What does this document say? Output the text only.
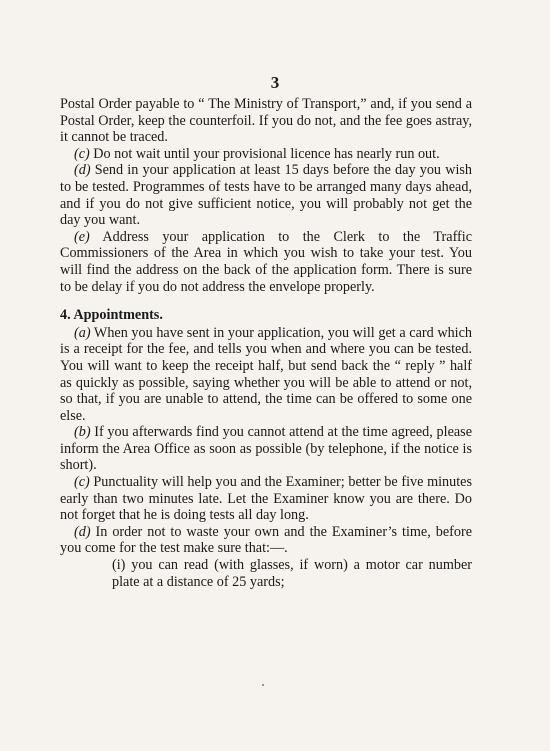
3

Postal Order payable to “ The Ministry of Transport,” and, if you send a Postal Order, keep the counterfoil. If you do not, and the fee goes astray, it cannot be traced.

(c) Do not wait until your provisional licence has nearly run out.

(d) Send in your application at least 15 days before the day you wish to be tested. Programmes of tests have to be arranged many days ahead, and if you do not give sufficient notice, you will probably not get the day you want.

(e) Address your application to the Clerk to the Traffic Commissioners of the Area in which you wish to take your test. You will find the address on the back of the application form. There is sure to be delay if you do not address the envelope properly.

4. Appointments.

(a) When you have sent in your application, you will get a card which is a receipt for the fee, and tells you when and where you can be tested. You will want to keep the receipt half, but send back the “ reply ” half as quickly as possible, saying whether you will be able to attend or not, so that, if you are unable to attend, the time can be offered to some one else.

(b) If you afterwards find you cannot attend at the time agreed, please inform the Area Office as soon as possible (by telephone, if the notice is short).

(c) Punctuality will help you and the Examiner; better be five minutes early than two minutes late. Let the Examiner know you are there. Do not forget that he is doing tests all day long.

(d) In order not to waste your own and the Examiner’s time, before you come for the test make sure that:—.

(i) you can read (with glasses, if worn) a motor car number plate at a distance of 25 yards;
